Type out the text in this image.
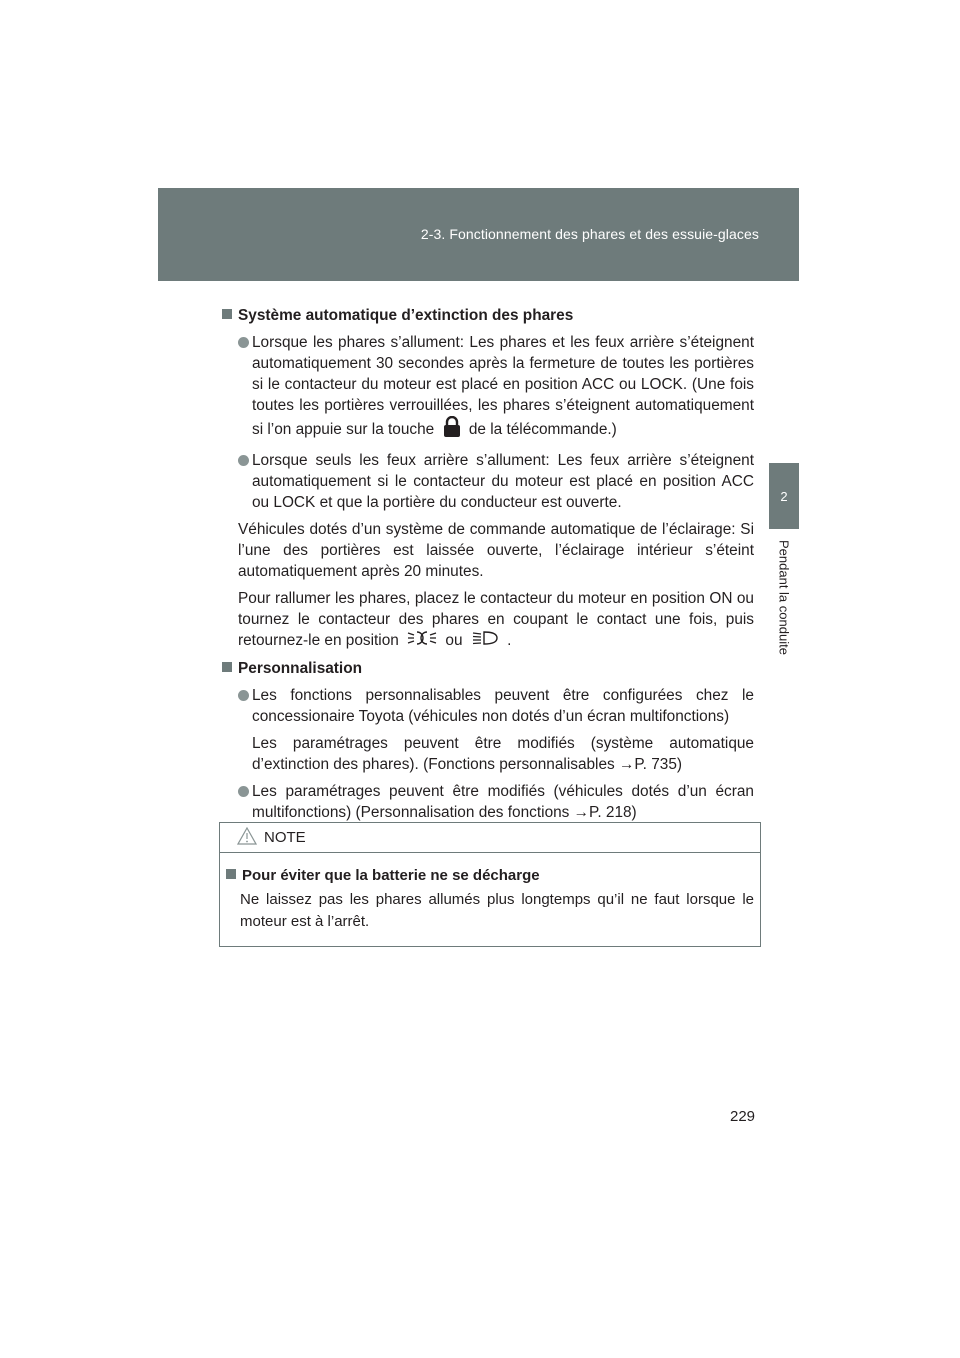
2-3. Fonctionnement des phares et des essuie-glaces
2
Pendant la conduite
Système automatique d’extinction des phares
Lorsque les phares s’allument: Les phares et les feux arrière s’éteignent automatiquement 30 secondes après la fermeture de toutes les portières si le contacteur du moteur est placé en position ACC ou LOCK. (Une fois toutes les portières verrouillées, les phares s’éteignent automatiquement si l’on appuie sur la touche de la télécommande.)
Lorsque seuls les feux arrière s’allument: Les feux arrière s’éteignent automatiquement si le contacteur du moteur est placé en position ACC ou LOCK et que la portière du conducteur est ouverte.
Véhicules dotés d’un système de commande automatique de l’éclairage: Si l’une des portières est laissée ouverte, l’éclairage intérieur s’éteint automatiquement après 20 minutes.
Pour rallumer les phares, placez le contacteur du moteur en position ON ou tournez le contacteur des phares en coupant le contact une fois, puis retournez-le en position	ou	.
Personnalisation
Les fonctions personnalisables peuvent être configurées chez le concessionaire Toyota (véhicules non dotés d’un écran multifonctions)
Les paramétrages peuvent être modifiés (système automatique d’extinction des phares). (Fonctions personnalisables →P. 735)
Les paramétrages peuvent être modifiés (véhicules dotés d’un écran multifonctions) (Personnalisation des fonctions →P. 218)
NOTE
Pour éviter que la batterie ne se décharge
Ne laissez pas les phares allumés plus longtemps qu’il ne faut lorsque le moteur est à l’arrêt.
229
